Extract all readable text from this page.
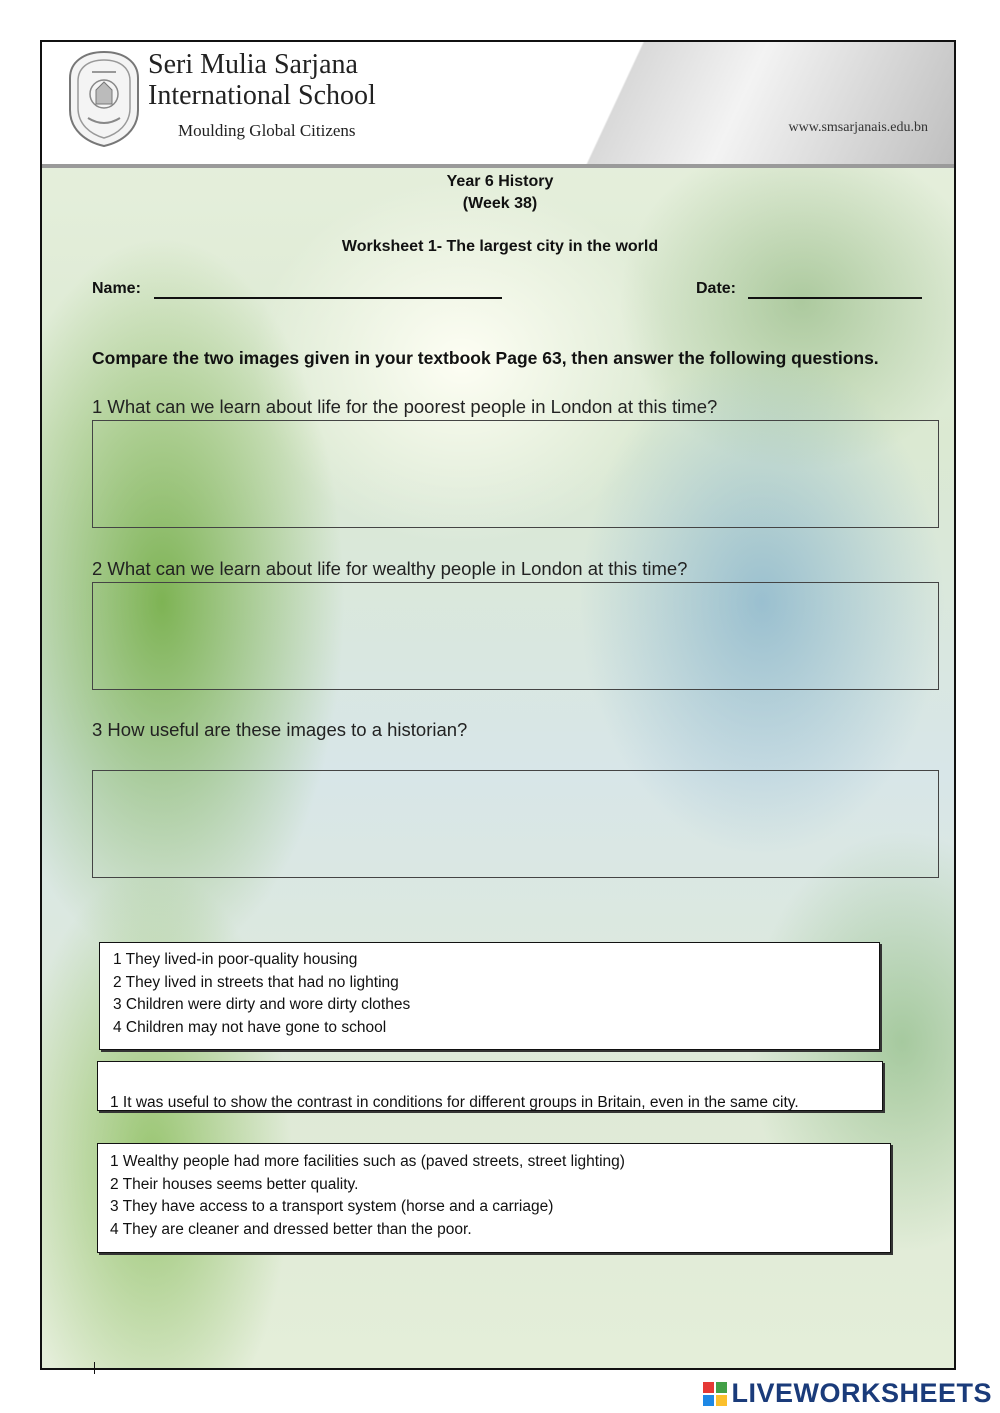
Seri Mulia Sarjana
International School
Moulding Global Citizens	www.smsarjanais.edu.bn
Year 6 History
(Week 38)
Worksheet 1- The largest city in the world
Name:	Date:
Compare the two images given in your textbook Page 63, then answer the following questions.
1 What can we learn about life for the poorest people in London at this time?
2 What can we learn about life for wealthy people in London at this time?
3 How useful are these images to a historian?
1 They lived-in poor-quality housing
2 They lived in streets that had no lighting
3 Children were dirty and wore dirty clothes
4 Children may not have gone to school
1 It was useful to show the contrast in conditions for different groups in Britain, even in the same city.
1 Wealthy people had more facilities such as (paved streets, street lighting)
2 Their houses seems better quality.
3 They have access to a transport system (horse and a carriage)
4 They are cleaner and dressed better than the poor.
LIVEWORKSHEETS
